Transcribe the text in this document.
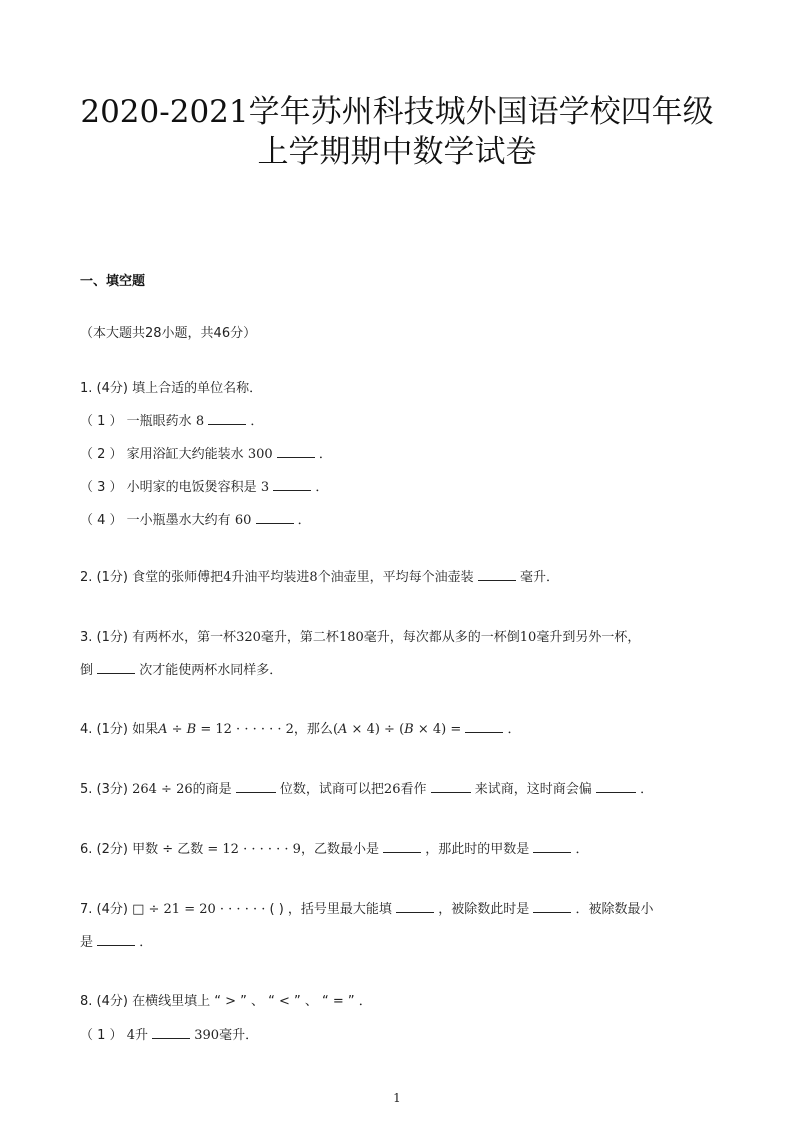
2020-2021学年苏州科技城外国语学校四年级
上学期期中数学试卷
一、填空题
（本大题共28小题，共46分）
1. (4分) 填上合适的单位名称．
（ 1 ） 一瓶眼药水 8	．
（ 2 ） 家用浴缸大约能装水 300	．
（ 3 ） 小明家的电饭煲容积是 3	．
（ 4 ） 一小瓶墨水大约有 60	．
2. (1分) 食堂的张师傅把4升油平均装进8个油壶里，平均每个油壶装	毫升．
3. (1分) 有两杯水，第一杯320毫升，第二杯180毫升，每次都从多的一杯倒10毫升到另外一杯，
倒	次才能使两杯水同样多．
4. (1分) 如果A ÷ B = 12 · · · · · · 2，那么(A × 4) ÷ (B × 4) =	．
5. (3分) 264 ÷ 26的商是	位数，试商可以把26看作	来试商，这时商会偏	．
6. (2分) 甲数 ÷ 乙数 = 12 · · · · · · 9，乙数最小是	，那此时的甲数是	．
7. (4分) □ ÷ 21 = 20 · · · · · · ( ) ，括号里最大能填	，被除数此时是	．被除数最小
是	．
8. (4分) 在横线里填上 “ > ” 、 “ < ” 、 “ = ” ．
（ 1 ） 4升	390毫升．
1
